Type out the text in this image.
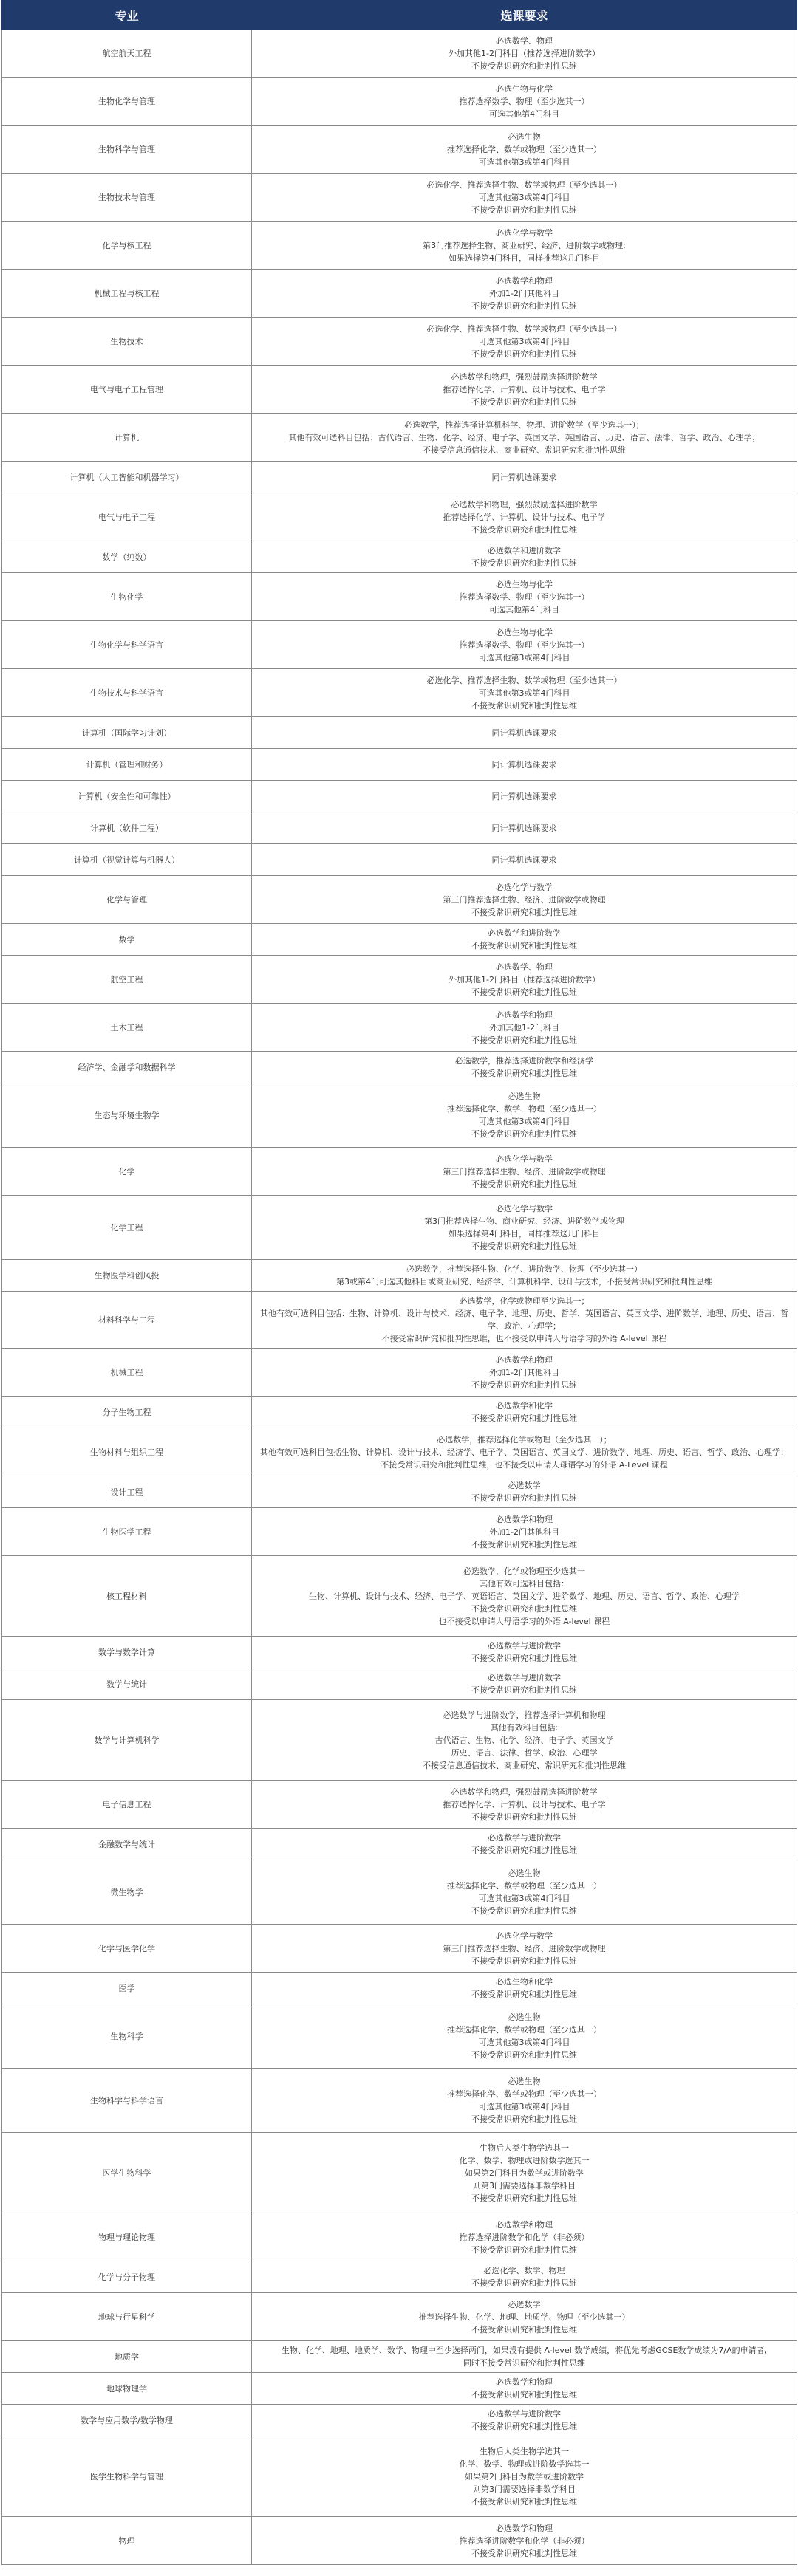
专业	选课要求
航空航天工程	必选数学、物理
外加其他1-2门科目（推荐选择进阶数学）
不接受常识研究和批判性思维

生物化学与管理	必选生物与化学
推荐选择数学、物理（至少选其一）
可选其他第4门科目

生物科学与管理	必选生物
推荐选择化学、数学或物理（至少选其一）
可选其他第3或第4门科目

生物技术与管理	必选化学、推荐选择生物、数学或物理（至少选其一）
可选其他第3或第4门科目
不接受常识研究和批判性思维

化学与核工程	必选化学与数学
第3门推荐选择生物、商业研究、经济、进阶数学或物理;
如果选择第4门科目，同样推荐这几门科目

机械工程与核工程	必选数学和物理
外加1-2门其他科目
不接受常识研究和批判性思维

生物技术	必选化学、推荐选择生物、数学或物理（至少选其一）
可选其他第3或第4门科目
不接受常识研究和批判性思维

电气与电子工程管理	必选数学和物理，强烈鼓励选择进阶数学
推荐选择化学、计算机、设计与技术、电子学
不接受常识研究和批判性思维

计算机	必选数学，推荐选择计算机科学、物理、进阶数学（至少选其一）；
其他有效可选科目包括：古代语言、生物、化学、经济、电子学、英国文学、英国语言、历史、语言、法律、哲学、政治、心理学；
不接受信息通信技术、商业研究、常识研究和批判性思维

计算机（人工智能和机器学习）	同计算机选课要求

电气与电子工程	必选数学和物理，强烈鼓励选择进阶数学
推荐选择化学、计算机、设计与技术、电子学
不接受常识研究和批判性思维

数学（纯数）	必选数学和进阶数学
不接受常识研究和批判性思维

生物化学	必选生物与化学
推荐选择数学、物理（至少选其一）
可选其他第4门科目

生物化学与科学语言	必选生物与化学
推荐选择数学、物理（至少选其一）
可选其他第3或第4门科目

生物技术与科学语言	必选化学、推荐选择生物、数学或物理（至少选其一）
可选其他第3或第4门科目
不接受常识研究和批判性思维

计算机（国际学习计划）	同计算机选课要求

计算机（管理和财务）	同计算机选课要求

计算机（安全性和可靠性）	同计算机选课要求

计算机（软件工程）	同计算机选课要求

计算机（视觉计算与机器人）	同计算机选课要求

化学与管理	必选化学与数学
第三门推荐选择生物、经济、进阶数学或物理
不接受常识研究和批判性思维

数学	必选数学和进阶数学
不接受常识研究和批判性思维

航空工程	必选数学、物理
外加其他1-2门科目（推荐选择进阶数学）
不接受常识研究和批判性思维

土木工程	必选数学和物理
外加其他1-2门科目
不接受常识研究和批判性思维

经济学、金融学和数据科学	必选数学，推荐选择进阶数学和经济学
不接受常识研究和批判性思维

生态与环境生物学	必选生物
推荐选择化学、数学、物理（至少选其一）
可选其他第3或第4门科目
不接受常识研究和批判性思维

化学	必选化学与数学
第三门推荐选择生物、经济、进阶数学或物理
不接受常识研究和批判性思维

化学工程	必选化学与数学
第3门推荐选择生物、商业研究、经济、进阶数学或物理
如果选择第4门科目，同样推荐这几门科目
不接受常识研究和批判性思维

生物医学科创风投	必选数学，推荐选择生物、化学、进阶数学、物理（至少选其一）
第3或第4门可选其他科目或商业研究、经济学、计算机科学、设计与技术，不接受常识研究和批判性思维

材料科学与工程	必选数学，化学或物理至少选其一；
其他有效可选科目包括：生物、计算机、设计与技术、经济、电子学、地理、历史、哲学、英国语言、英国文学、进阶数学、地理、历史、语言、哲学、政治、心理学；
不接受常识研究和批判性思维，也不接受以申请人母语学习的外语 A-level 课程

机械工程	必选数学和物理
外加1-2门其他科目
不接受常识研究和批判性思维

分子生物工程	必选数学和化学
不接受常识研究和批判性思维

生物材料与组织工程	必选数学，推荐选择化学或物理（至少选其一）；
其他有效可选科目包括生物、计算机、设计与技术、经济学、电子学、英国语言、英国文学、进阶数学、地理、历史、语言、哲学、政治、心理学；
不接受常识研究和批判性思维，也不接受以申请人母语学习的外语 A-Level 课程

设计工程	必选数学
不接受常识研究和批判性思维

生物医学工程	必选数学和物理
外加1-2门其他科目
不接受常识研究和批判性思维

核工程材料	必选数学，化学或物理至少选其一
其他有效可选科目包括：
生物、计算机、设计与技术、经济、电子学、英语语言、英国文学、进阶数学、地理、历史、语言、哲学、政治、心理学
不接受常识研究和批判性思维
也不接受以申请人母语学习的外语 A-level 课程

数学与数学计算	必选数学与进阶数学
不接受常识研究和批判性思维

数学与统计	必选数学与进阶数学
不接受常识研究和批判性思维

数学与计算机科学	必选数学与进阶数学，推荐选择计算机和物理
其他有效科目包括:
古代语言、生物、化学、经济、电子学、英国文学
历史、语言、法律、哲学、政治、心理学
不接受信息通信技术、商业研究、常识研究和批判性思维

电子信息工程	必选数学和物理，强烈鼓励选择进阶数学
推荐选择化学、计算机、设计与技术、电子学
不接受常识研究和批判性思维

金融数学与统计	必选数学与进阶数学
不接受常识研究和批判性思维

微生物学	必选生物
推荐选择化学、数学或物理（至少选其一）
可选其他第3或第4门科目
不接受常识研究和批判性思维

化学与医学化学	必选化学与数学
第三门推荐选择生物、经济、进阶数学或物理
不接受常识研究和批判性思维

医学	必选生物和化学
不接受常识研究和批判性思维

生物科学	必选生物
推荐选择化学、数学或物理（至少选其一）
可选其他第3或第4门科目
不接受常识研究和批判性思维

生物科学与科学语言	必选生物
推荐选择化学、数学或物理（至少选其一）
可选其他第3或第4门科目
不接受常识研究和批判性思维

医学生物科学	生物后人类生物学选其一
化学、数学、物理或进阶数学选其一
如果第2门科目为数学或进阶数学
则第3门需要选择非数学科目
不接受常识研究和批判性思维

物理与理论物理	必选数学和物理
推荐选择进阶数学和化学（非必须）
不接受常识研究和批判性思维

化学与分子物理	必选化学、数学、物理
不接受常识研究和批判性思维

地球与行星科学	必选数学
推荐选择生物、化学、地理、地质学、物理（至少选其一）
不接受常识研究和批判性思维

地质学	生物、化学、地理、地质学、数学、物理中至少选择两门，如果没有提供 A-level 数学成绩，将优先考虑GCSE数学成绩为7/A的申请者,
同时不接受常识研究和批判性思维

地球物理学	必选数学和物理
不接受常识研究和批判性思维

数学与应用数学/数学物理	必选数学与进阶数学
不接受常识研究和批判性思维

医学生物科学与管理	生物后人类生物学选其一
化学、数学、物理或进阶数学选其一
如果第2门科目为数学或进阶数学
则第3门需要选择非数学科目
不接受常识研究和批判性思维

物理	必选数学和物理
推荐选择进阶数学和化学（非必须）
不接受常识研究和批判性思维
